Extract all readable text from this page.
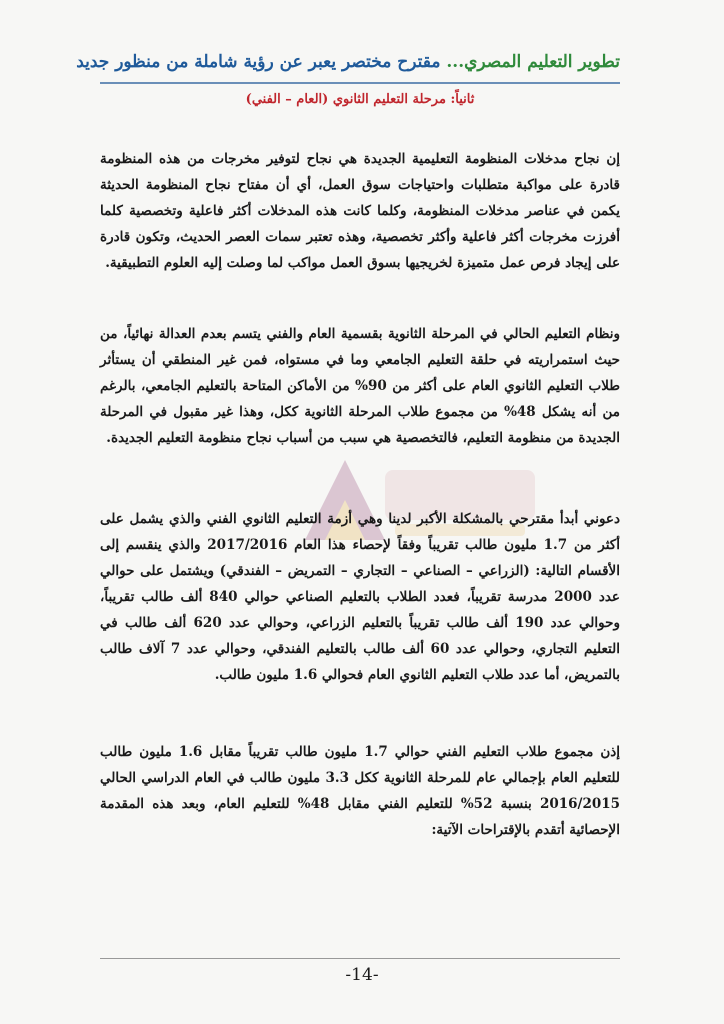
تطوير التعليم المصري... مقترح مختصر يعبر عن رؤية شاملة من منظور جديد
ثانياً: مرحلة التعليم الثانوي (العام – الفني)
إن نجاح مدخلات المنظومة التعليمية الجديدة هي نجاح لتوفير مخرجات من هذه المنظومة قادرة على مواكبة متطلبات واحتياجات سوق العمل، أي أن مفتاح نجاح المنظومة الحديثة يكمن في عناصر مدخلات المنظومة، وكلما كانت هذه المدخلات أكثر فاعلية وتخصصية كلما أفرزت مخرجات أكثر فاعلية وأكثر تخصصية، وهذه تعتبر سمات العصر الحديث، وتكون قادرة على إيجاد فرص عمل متميزة لخريجيها بسوق العمل مواكب لما وصلت إليه العلوم التطبيقية.
ونظام التعليم الحالي في المرحلة الثانوية بقسمية العام والفني يتسم بعدم العدالة نهائياً، من حيث استمراريته في حلقة التعليم الجامعي وما في مستواه، فمن غير المنطقي أن يستأثر طلاب التعليم الثانوي العام على أكثر من 90% من الأماكن المتاحة بالتعليم الجامعي، بالرغم من أنه يشكل 48% من مجموع طلاب المرحلة الثانوية ككل، وهذا غير مقبول في المرحلة الجديدة من منظومة التعليم، فالتخصصية هي سبب من أسباب نجاح منظومة التعليم الجديدة.
دعوني أبدأ مقترحي بالمشكلة الأكبر لدينا وهي أزمة التعليم الثانوي الفني والذي يشمل على أكثر من 1.7 مليون طالب تقريباً وفقاً لإحصاء هذا العام 2017/2016 والذي ينقسم إلى الأقسام التالية: (الزراعي – الصناعي – التجاري – التمريض – الفندقي) ويشتمل على حوالي عدد 2000 مدرسة تقريباً، فعدد الطلاب بالتعليم الصناعي حوالي 840 ألف طالب تقريباً، وحوالي عدد 190 ألف طالب تقريباً بالتعليم الزراعي، وحوالي عدد 620 ألف طالب في التعليم التجاري، وحوالي عدد 60 ألف طالب بالتعليم الفندقي، وحوالي عدد 7 آلاف طالب بالتمريض، أما عدد طلاب التعليم الثانوي العام فحوالي 1.6 مليون طالب.
إذن مجموع طلاب التعليم الفني حوالي 1.7 مليون طالب تقريباً مقابل 1.6 مليون طالب للتعليم العام بإجمالي عام للمرحلة الثانوية ككل 3.3 مليون طالب في العام الدراسي الحالي 2016/2015 بنسبة 52% للتعليم الفني مقابل 48% للتعليم العام، وبعد هذه المقدمة الإحصائية أتقدم بالإقتراحات الآتية:
-14-
